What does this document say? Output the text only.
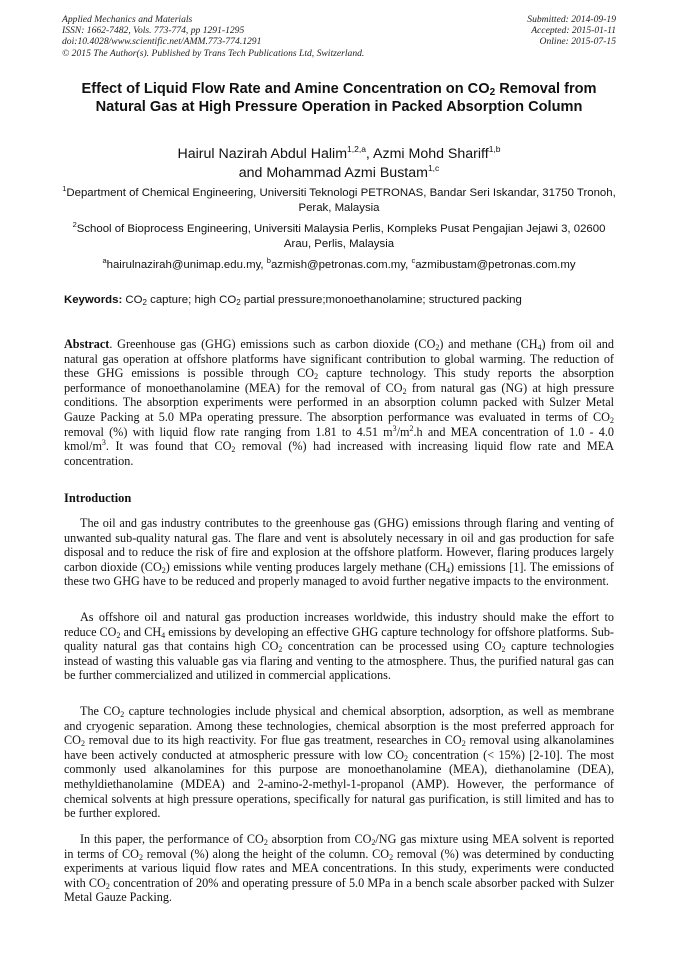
Applied Mechanics and Materials
ISSN: 1662-7482, Vols. 773-774, pp 1291-1295
doi:10.4028/www.scientific.net/AMM.773-774.1291
© 2015 The Author(s). Published by Trans Tech Publications Ltd, Switzerland.
Submitted: 2014-09-19
Accepted: 2015-01-11
Online: 2015-07-15
Effect of Liquid Flow Rate and Amine Concentration on $CO_2$ Removal from Natural Gas at High Pressure Operation in Packed Absorption Column
Hairul Nazirah Abdul Halim$^{1,2,a}$, Azmi Mohd Shariff$^{1,b}$
and Mohammad Azmi Bustam$^{1,c}$
$^1$Department of Chemical Engineering, Universiti Teknologi PETRONAS, Bandar Seri Iskandar, 31750 Tronoh, Perak, Malaysia
$^2$School of Bioprocess Engineering, Universiti Malaysia Perlis, Kompleks Pusat Pengajian Jejawi 3, 02600 Arau, Perlis, Malaysia
$^a$hairulnazirah@unimap.edu.my, $^b$azmish@petronas.com.my, $^c$azmibustam@petronas.com.my
Keywords: $CO_2$ capture; high $CO_2$ partial pressure;monoethanolamine; structured packing
Abstract. Greenhouse gas (GHG) emissions such as carbon dioxide $(CO_2)$ and methane $(CH_4)$ from oil and natural gas operation at offshore platforms have significant contribution to global warming. The reduction of these GHG emissions is possible through $CO_2$ capture technology. This study reports the absorption performance of monoethanolamine (MEA) for the removal of $CO_2$ from natural gas (NG) at high pressure conditions. The absorption experiments were performed in an absorption column packed with Sulzer Metal Gauze Packing at 5.0 MPa operating pressure. The absorption performance was evaluated in terms of $CO_2$ removal (%) with liquid flow rate ranging from 1.81 to 4.51 $m^3/m^2.h$ and MEA concentration of 1.0 - 4.0 kmol/$m^3$. It was found that $CO_2$ removal (%) had increased with increasing liquid flow rate and MEA concentration.
Introduction
The oil and gas industry contributes to the greenhouse gas (GHG) emissions through flaring and venting of unwanted sub-quality natural gas. The flare and vent is absolutely necessary in oil and gas production for safe disposal and to reduce the risk of fire and explosion at the offshore platform. However, flaring produces largely carbon dioxide $(CO_2)$ emissions while venting produces largely methane $(CH_4)$ emissions [1]. The emissions of these two GHG have to be reduced and properly managed to avoid further negative impacts to the environment.
As offshore oil and natural gas production increases worldwide, this industry should make the effort to reduce $CO_2$ and $CH_4$ emissions by developing an effective GHG capture technology for offshore platforms. Sub-quality natural gas that contains high $CO_2$ concentration can be processed using $CO_2$ capture technologies instead of wasting this valuable gas via flaring and venting to the atmosphere. Thus, the purified natural gas can be further commercialized and utilized in commercial applications.
The $CO_2$ capture technologies include physical and chemical absorption, adsorption, as well as membrane and cryogenic separation. Among these technologies, chemical absorption is the most preferred approach for $CO_2$ removal due to its high reactivity. For flue gas treatment, researches in $CO_2$ removal using alkanolamines have been actively conducted at atmospheric pressure with low $CO_2$ concentration (< 15%) [2-10]. The most commonly used alkanolamines for this purpose are monoethanolamine (MEA), diethanolamine (DEA), methyldiethanolamine (MDEA) and 2-amino-2-methyl-1-propanol (AMP). However, the performance of chemical solvents at high pressure operations, specifically for natural gas purification, is still limited and has to be further explored.
In this paper, the performance of $CO_2$ absorption from $CO_2/NG$ gas mixture using MEA solvent is reported in terms of $CO_2$ removal (%) along the height of the column. $CO_2$ removal (%) was determined by conducting experiments at various liquid flow rates and MEA concentrations. In this study, experiments were conducted with $CO_2$ concentration of 20% and operating pressure of 5.0 MPa in a bench scale absorber packed with Sulzer Metal Gauze Packing.
